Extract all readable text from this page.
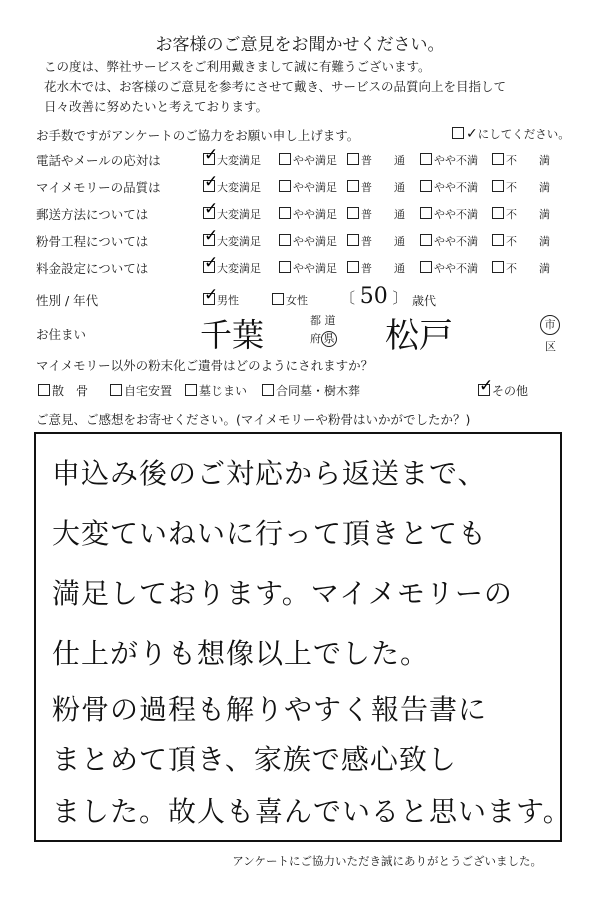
お客様のご意見をお聞かせください。
この度は、弊社サービスをご利用戴きまして誠に有難うございます。
花水木では、お客様のご意見を参考にさせて戴き、サービスの品質向上を目指して
日々改善に努めたいと考えております。
お手数ですがアンケートのご協力をお願い申し上げます。	✓にしてください。
電話やメールの応対は ✓	大変満足	やや満足	普　　通	やや不満	不　　満
マイメモリーの品質は ✓	大変満足	やや満足	普　　通	やや不満	不　　満
郵送方法については ✓	大変満足	やや満足	普　　通	やや不満	不　　満
粉骨工程については ✓	大変満足	やや満足	普　　通	やや不満	不　　満
料金設定については ✓	大変満足	やや満足	普　　通	やや不満	不　　満
性別 / 年代 ✓	男性	女性 〔 50 〕 歳代
お住まい	千葉	都 道
府 県 松戸	市
区
マイメモリー以外の粉末化ご遺骨はどのようにされますか？
散　骨	自宅安置	墓じまい	合同墓・樹木葬 ✓	その他
ご意見、ご感想をお寄せください。(マイメモリーや粉骨はいかがでしたか？)
申込み後のご対応から返送まで、
大変ていねいに行って頂きとても
満足しております。マイメモリーの
仕上がりも想像以上でした。
粉骨の過程も解りやすく報告書に
まとめて頂き、家族で感心致し
ました。故人も喜んでいると思います。
アンケートにご協力いただき誠にありがとうございました。
